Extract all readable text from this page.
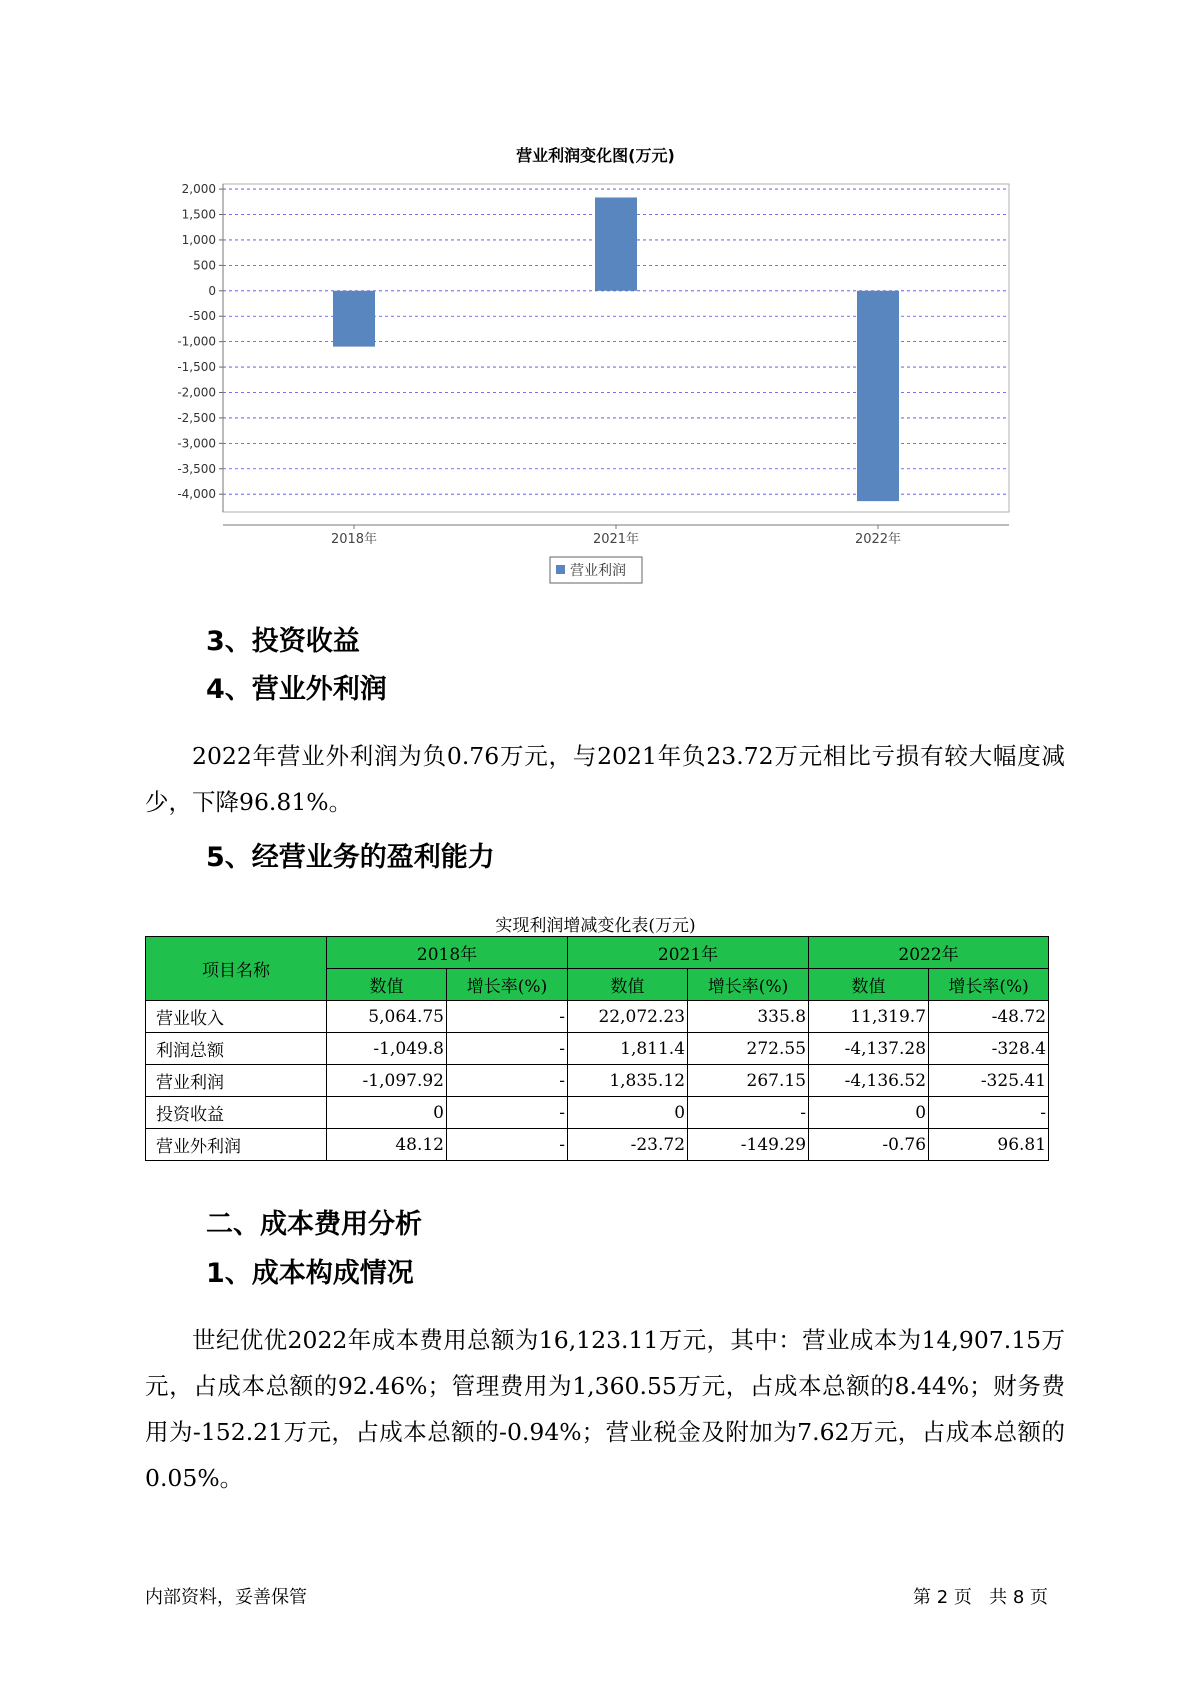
营业利润变化图(万元)
2,000
1,500
1,000
500
0
-500
-1,000
-1,500
-2,000
-2,500
-3,000
-3,500
-4,000
2018年	2021年	2022年
营业利润
3、投资收益
4、营业外利润
2022年营业外利润为负0.76万元，与2021年负23.72万元相比亏损有较大幅度减少，下降96.81%。
5、经营业务的盈利能力
实现利润增减变化表(万元)
项目名称	2018年		2021年		2022年	
	数值	增长率(%)	数值	增长率(%)	数值	增长率(%)
营业收入	5,064.75	-	22,072.23	335.8	11,319.7	-48.72
利润总额	-1,049.8	-	1,811.4	272.55	-4,137.28	-328.4
营业利润	-1,097.92	-	1,835.12	267.15	-4,136.52	-325.41
投资收益	0	-	0	-	0	-
营业外利润	48.12	-	-23.72	-149.29	-0.76	96.81
二、成本费用分析
1、成本构成情况
世纪优优2022年成本费用总额为16,123.11万元，其中：营业成本为14,907.15万元，占成本总额的92.46%；管理费用为1,360.55万元，占成本总额的8.44%；财务费用为-152.21万元，占成本总额的-0.94%；营业税金及附加为7.62万元，占成本总额的0.05%。
内部资料，妥善保管	第 2 页   共 8 页
